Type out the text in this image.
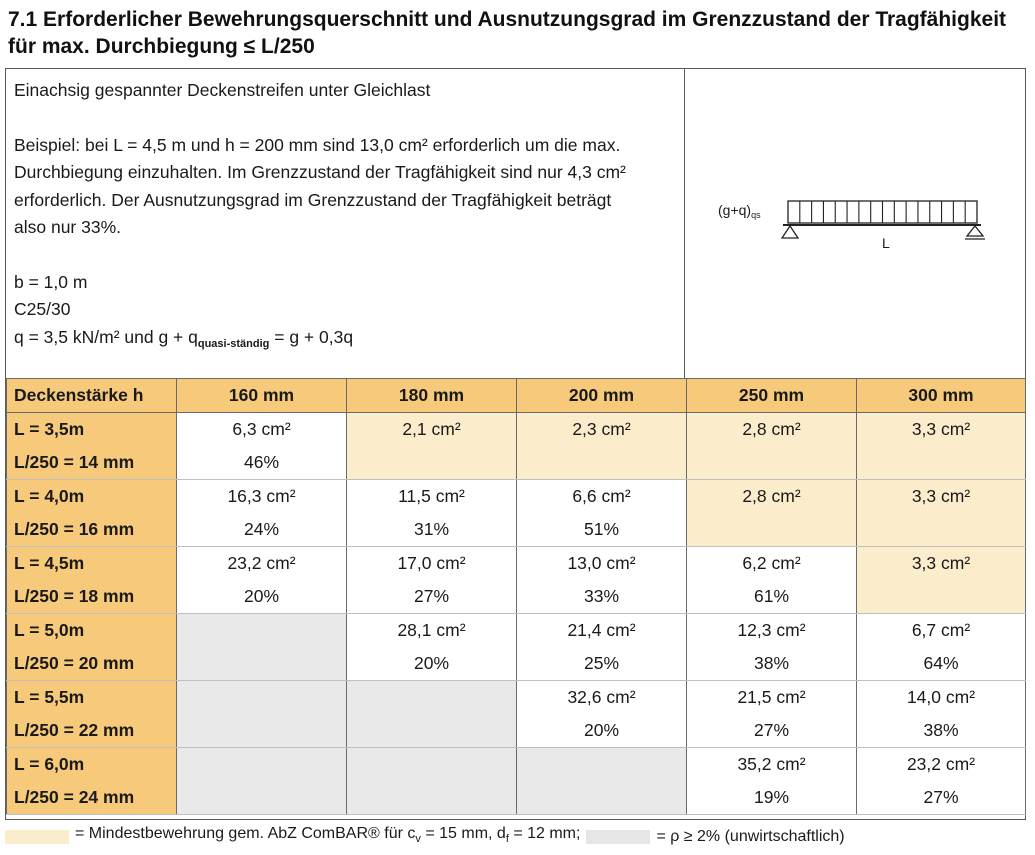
7.1 Erforderlicher Bewehrungsquerschnitt und Ausnutzungsgrad im Grenzzustand der Tragfähigkeit für max. Durchbiegung ≤ L/250

Einachsig gespannter Deckenstreifen unter Gleichlast

Beispiel: bei L = 4,5 m und h = 200 mm sind 13,0 cm² erforderlich um die max.

Durchbiegung einzuhalten. Im Grenzzustand der Tragfähigkeit sind nur 4,3 cm²

erforderlich. Der Ausnutzungsgrad im Grenzzustand der Tragfähigkeit beträgt

also nur 33%.

b = 1,0 m

C25/30

q = 3,5 kN/m² und $g + q_{quasi-ständig} = g + 0,3q$

$(g+q)_{qs}$
L
Deckenstärke h	160 mm	180 mm	200 mm	250 mm	300 mm
L = 3,5m	6,3 cm²	2,1 cm²	2,3 cm²	2,8 cm²	3,3 cm²
L/250 = 14 mm	46%				
L = 4,0m	16,3 cm²	11,5 cm²	6,6 cm²	2,8 cm²	3,3 cm²
L/250 = 16 mm	24%	31%	51%		
L = 4,5m	23,2 cm²	17,0 cm²	13,0 cm²	6,2 cm²	3,3 cm²
L/250 = 18 mm	20%	27%	33%	61%	
L = 5,0m		28,1 cm²	21,4 cm²	12,3 cm²	6,7 cm²
L/250 = 20 mm		20%	25%	38%	64%
L = 5,5m			32,6 cm²	21,5 cm²	14,0 cm²
L/250 = 22 mm			20%	27%	38%
L = 6,0m				35,2 cm²	23,2 cm²
L/250 = 24 mm				19%	27%
= Mindestbewehrung gem. AbZ ComBAR® für $c_v = 15$ mm, $d_f = 12$ mm;	= ρ ≥ 2% (unwirtschaftlich)
